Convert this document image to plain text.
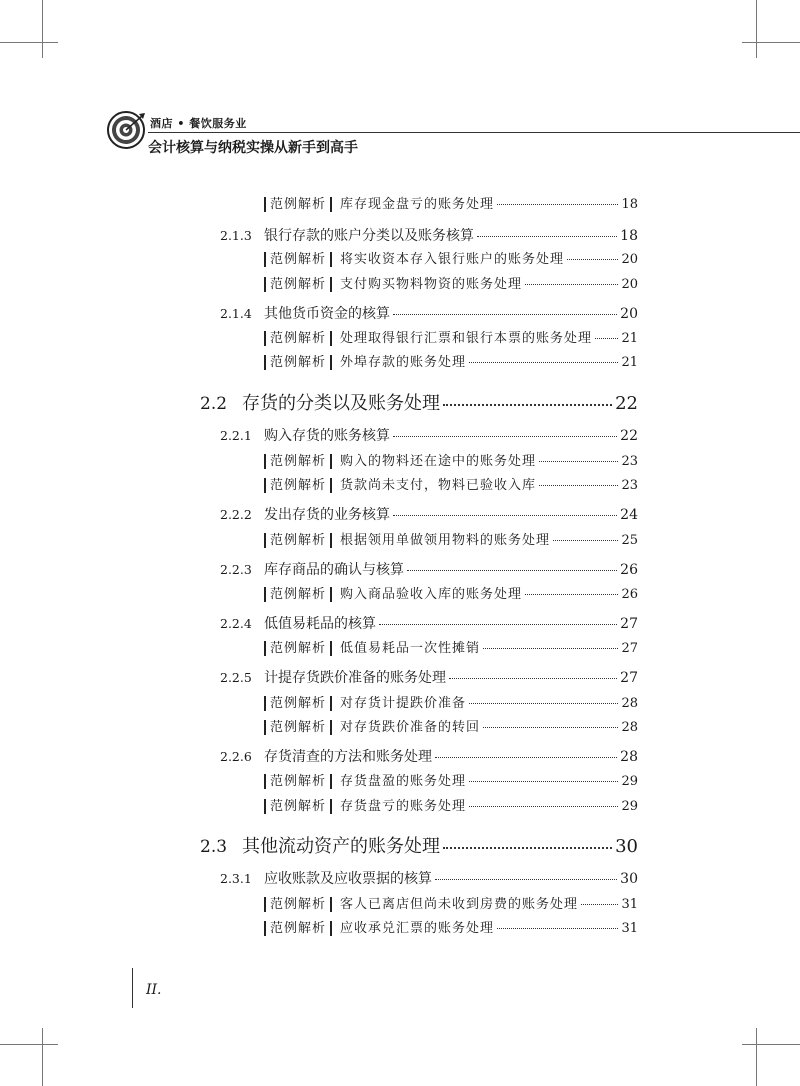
酒店 • 餐饮服务业
会计核算与纳税实操从新手到高手
范例解析	库存现金盘亏的账务处理	18
2.1.3 银行存款的账户分类以及账务核算	18
范例解析	将实收资本存入银行账户的账务处理	20
范例解析	支付购买物料物资的账务处理	20
2.1.4 其他货币资金的核算	20
范例解析	处理取得银行汇票和银行本票的账务处理 21
范例解析	外埠存款的账务处理	21
2.2 存货的分类以及账务处理	22
2.2.1 购入存货的账务核算	22
范例解析	购入的物料还在途中的账务处理	23
范例解析	货款尚未支付，物料已验收入库	23
2.2.2 发出存货的业务核算	24
范例解析	根据领用单做领用物料的账务处理	25
2.2.3 库存商品的确认与核算	26
范例解析	购入商品验收入库的账务处理	26
2.2.4 低值易耗品的核算	27
范例解析	低值易耗品一次性摊销	27
2.2.5 计提存货跌价准备的账务处理	27
范例解析	对存货计提跌价准备	28
范例解析	对存货跌价准备的转回	28
2.2.6 存货清查的方法和账务处理	28
范例解析	存货盘盈的账务处理	29
范例解析	存货盘亏的账务处理	29
2.3 其他流动资产的账务处理	30
2.3.1 应收账款及应收票据的核算	30
范例解析	客人已离店但尚未收到房费的账务处理	31
范例解析	应收承兑汇票的账务处理	31
II.
